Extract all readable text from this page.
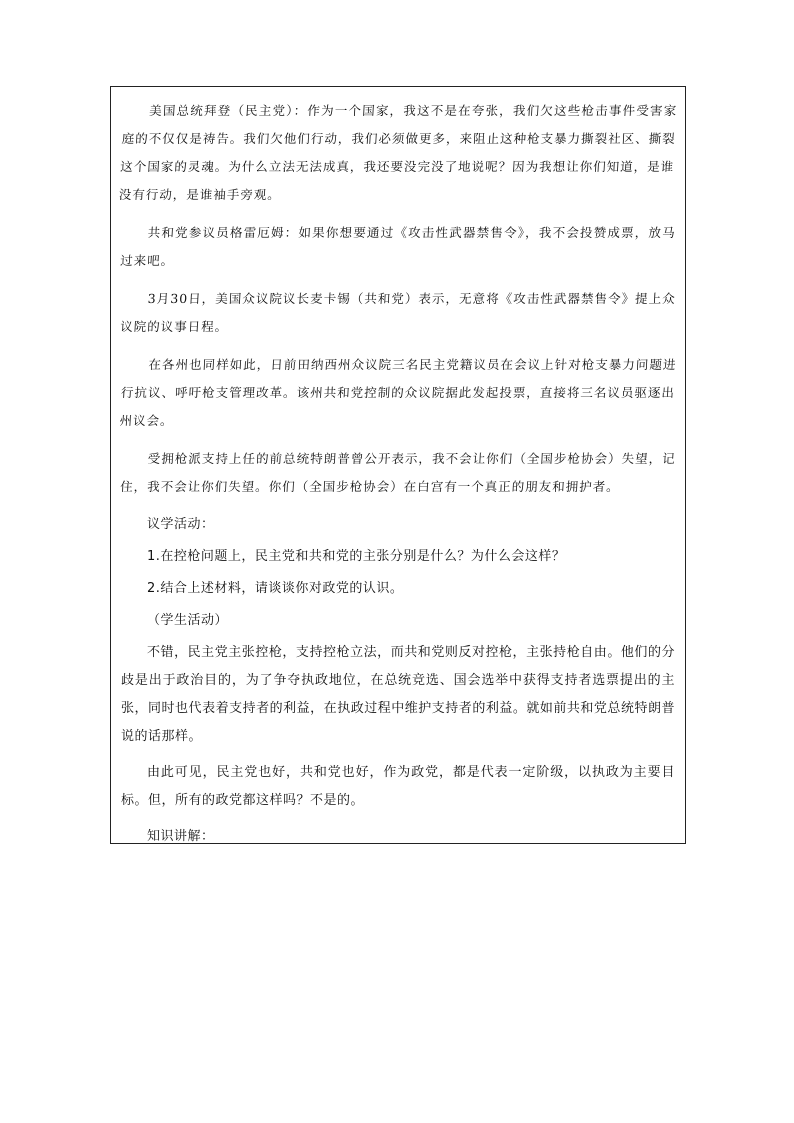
美国总统拜登（民主党）：作为一个国家，我这不是在夸张，我们欠这些枪击事件受害家庭的不仅仅是祷告。我们欠他们行动，我们必须做更多，来阻止这种枪支暴力撕裂社区、撕裂这个国家的灵魂。为什么立法无法成真，我还要没完没了地说呢？因为我想让你们知道，是谁没有行动，是谁袖手旁观。

共和党参议员格雷厄姆：如果你想要通过《攻击性武器禁售令》，我不会投赞成票，放马过来吧。

3月30日，美国众议院议长麦卡锡（共和党）表示，无意将《攻击性武器禁售令》提上众议院的议事日程。

在各州也同样如此，日前田纳西州众议院三名民主党籍议员在会议上针对枪支暴力问题进行抗议、呼吁枪支管理改革。该州共和党控制的众议院据此发起投票，直接将三名议员驱逐出州议会。

受拥枪派支持上任的前总统特朗普曾公开表示，我不会让你们（全国步枪协会）失望，记住，我不会让你们失望。你们（全国步枪协会）在白宫有一个真正的朋友和拥护者。

议学活动：

1.在控枪问题上，民主党和共和党的主张分别是什么？为什么会这样？

2.结合上述材料，请谈谈你对政党的认识。

（学生活动）

不错，民主党主张控枪，支持控枪立法，而共和党则反对控枪，主张持枪自由。他们的分歧是出于政治目的，为了争夺执政地位，在总统竞选、国会选举中获得支持者选票提出的主张，同时也代表着支持者的利益，在执政过程中维护支持者的利益。就如前共和党总统特朗普说的话那样。

由此可见，民主党也好，共和党也好，作为政党，都是代表一定阶级，以执政为主要目标。但，所有的政党都这样吗？不是的。

知识讲解：
